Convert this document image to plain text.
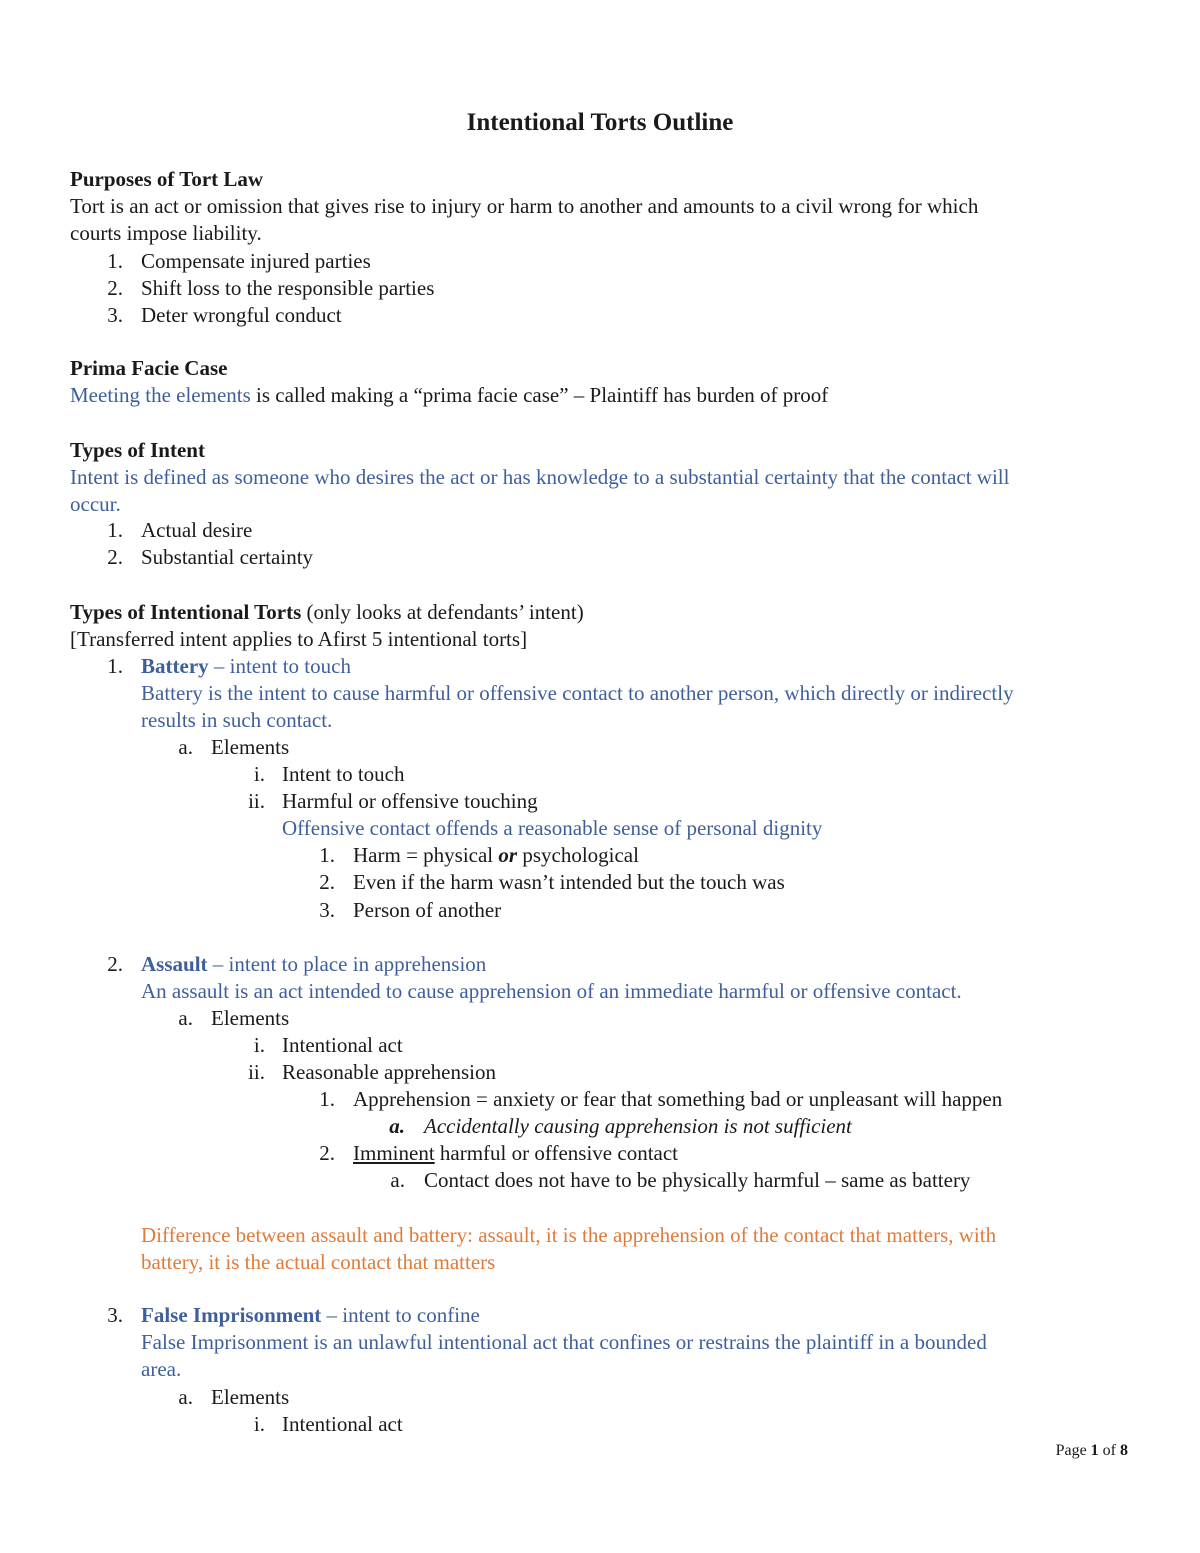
Intentional Torts Outline
Purposes of Tort Law
Tort is an act or omission that gives rise to injury or harm to another and amounts to a civil wrong for which
courts impose liability.
1. Compensate injured parties
2. Shift loss to the responsible parties
3. Deter wrongful conduct
Prima Facie Case
Meeting the elements is called making a “prima facie case” – Plaintiff has burden of proof
Types of Intent
Intent is defined as someone who desires the act or has knowledge to a substantial certainty that the contact will
occur.
1. Actual desire
2. Substantial certainty
Types of Intentional Torts (only looks at defendants’ intent)
[Transferred intent applies to Afirst 5 intentional torts]
1. Battery – intent to touch
Battery is the intent to cause harmful or offensive contact to another person, which directly or indirectly
results in such contact.
a. Elements
i. Intent to touch
ii. Harmful or offensive touching
Offensive contact offends a reasonable sense of personal dignity
1. Harm = physical or psychological
2. Even if the harm wasn’t intended but the touch was
3. Person of another
2. Assault – intent to place in apprehension
An assault is an act intended to cause apprehension of an immediate harmful or offensive contact.
a. Elements
i. Intentional act
ii. Reasonable apprehension
1. Apprehension = anxiety or fear that something bad or unpleasant will happen
a. Accidentally causing apprehension is not sufficient
2. Imminent harmful or offensive contact
a. Contact does not have to be physically harmful – same as battery
Difference between assault and battery: assault, it is the apprehension of the contact that matters, with
battery, it is the actual contact that matters
3. False Imprisonment – intent to confine
False Imprisonment is an unlawful intentional act that confines or restrains the plaintiff in a bounded
area.
a. Elements
i. Intentional act
Page 1 of 8
